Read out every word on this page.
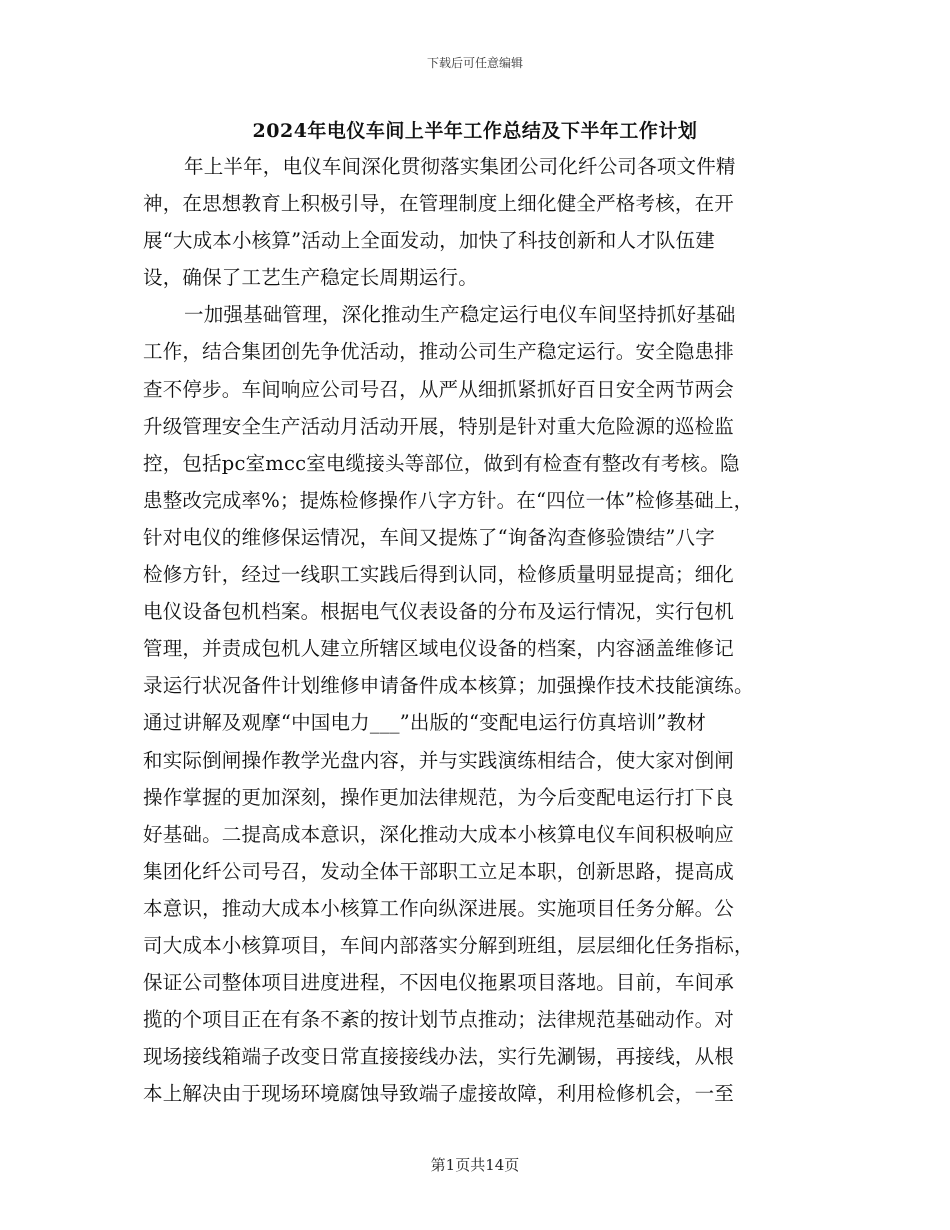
下载后可任意编辑
2024年电仪车间上半年工作总结及下半年工作计划
年上半年，电仪车间深化贯彻落实集团公司化纤公司各项文件精
神，在思想教育上积极引导，在管理制度上细化健全严格考核，在开
展“大成本小核算”活动上全面发动，加快了科技创新和人才队伍建
设，确保了工艺生产稳定长周期运行。
一加强基础管理，深化推动生产稳定运行电仪车间坚持抓好基础
工作，结合集团创先争优活动，推动公司生产稳定运行。安全隐患排
查不停步。车间响应公司号召，从严从细抓紧抓好百日安全两节两会
升级管理安全生产活动月活动开展，特别是针对重大危险源的巡检监
控，包括pc室mcc室电缆接头等部位，做到有检查有整改有考核。隐
患整改完成率%；提炼检修操作八字方针。在“四位一体”检修基础上，
针对电仪的维修保运情况，车间又提炼了“询备沟查修验馈结”八字
检修方针，经过一线职工实践后得到认同，检修质量明显提高；细化
电仪设备包机档案。根据电气仪表设备的分布及运行情况，实行包机
管理，并责成包机人建立所辖区域电仪设备的档案，内容涵盖维修记
录运行状况备件计划维修申请备件成本核算；加强操作技术技能演练。
通过讲解及观摩“中国电力___”出版的“变配电运行仿真培训”教材
和实际倒闸操作教学光盘内容，并与实践演练相结合，使大家对倒闸
操作掌握的更加深刻，操作更加法律规范，为今后变配电运行打下良
好基础。二提高成本意识，深化推动大成本小核算电仪车间积极响应
集团化纤公司号召，发动全体干部职工立足本职，创新思路，提高成
本意识，推动大成本小核算工作向纵深进展。实施项目任务分解。公
司大成本小核算项目，车间内部落实分解到班组，层层细化任务指标，
保证公司整体项目进度进程，不因电仪拖累项目落地。目前，车间承
揽的个项目正在有条不紊的按计划节点推动；法律规范基础动作。对
现场接线箱端子改变日常直接接线办法，实行先涮锡，再接线，从根
本上解决由于现场环境腐蚀导致端子虚接故障，利用检修机会，一至
第1页共14页
